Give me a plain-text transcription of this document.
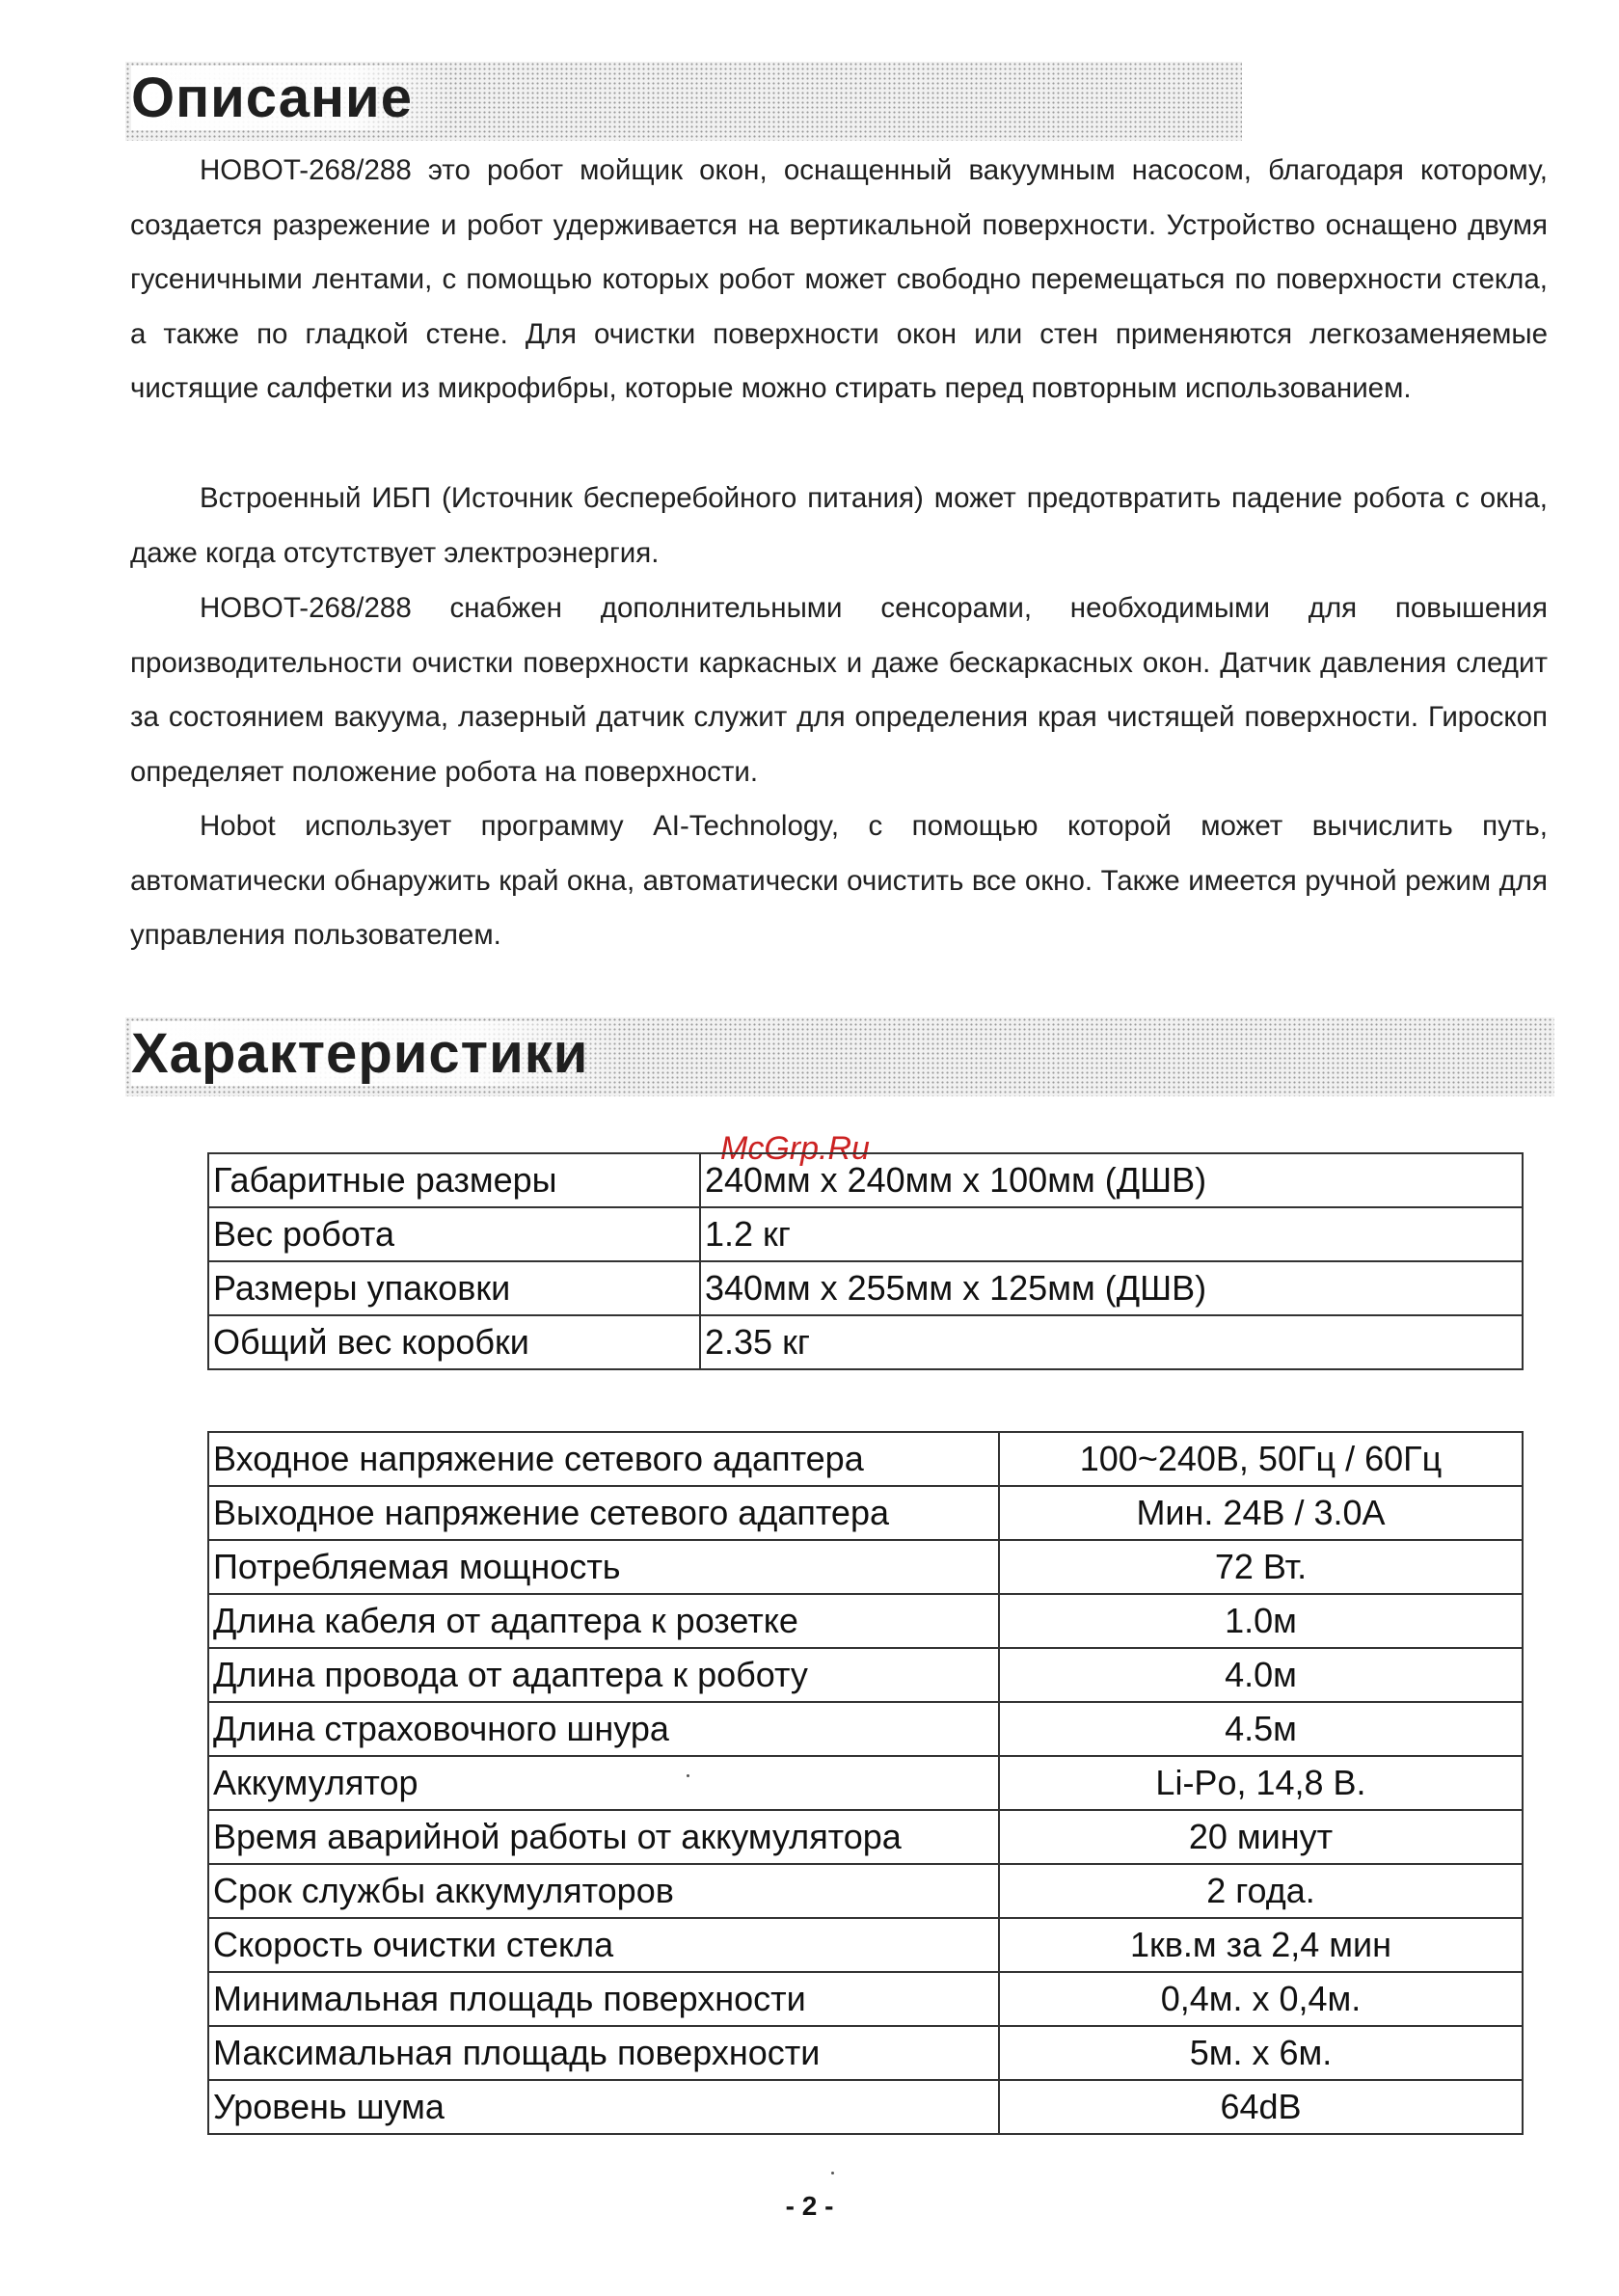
Описание

HOBOT-268/288 это робот мойщик окон, оснащенный вакуумным насосом, благодаря которому, создается разрежение и робот удерживается на вертикальной поверхности. Устройство оснащено двумя гусеничными лентами, с помощью которых робот может свободно перемещаться по поверхности стекла, а также по гладкой стене. Для очистки поверхности окон или стен применяются легкозаменяемые чистящие салфетки из микрофибры, которые можно стирать перед повторным использованием.

Встроенный ИБП (Источник бесперебойного питания) может предотвратить падение робота с окна, даже когда отсутствует электроэнергия.

HOBOT-268/288 снабжен дополнительными сенсорами, необходимыми для повышения производительности очистки поверхности каркасных и даже бескаркасных окон. Датчик давления следит за состоянием вакуума, лазерный датчик служит для определения края чистящей поверхности. Гироскоп определяет положение робота на поверхности.

Hobot использует программу AI-Technology, с помощью которой может вычислить путь, автоматически обнаружить край окна, автоматически очистить все окно. Также имеется ручной режим для управления пользователем.

Характеристики
McGrp.Ru
Габаритные размеры	240мм х 240мм х 100мм (ДШВ)
Вес робота	1.2 кг
Размеры упаковки	340мм х 255мм х 125мм (ДШВ)
Общий вес коробки	2.35 кг
Входное напряжение сетевого адаптера	100~240В, 50Гц / 60Гц
Выходное напряжение сетевого адаптера	Мин. 24В / 3.0А
Потребляемая мощность	72 Вт.
Длина кабеля от адаптера к розетке	1.0м
Длина провода от адаптера к роботу	4.0м
Длина страховочного шнура	4.5м
Аккумулятор	Li-Po, 14,8 В.
Время аварийной работы от аккумулятора	20 минут
Срок службы аккумуляторов	2 года.
Скорость очистки стекла	1кв.м за 2,4 мин
Минимальная площадь поверхности	0,4м. х 0,4м.
Максимальная площадь поверхности	5м. х 6м.
Уровень шума	64dB
- 2 -
